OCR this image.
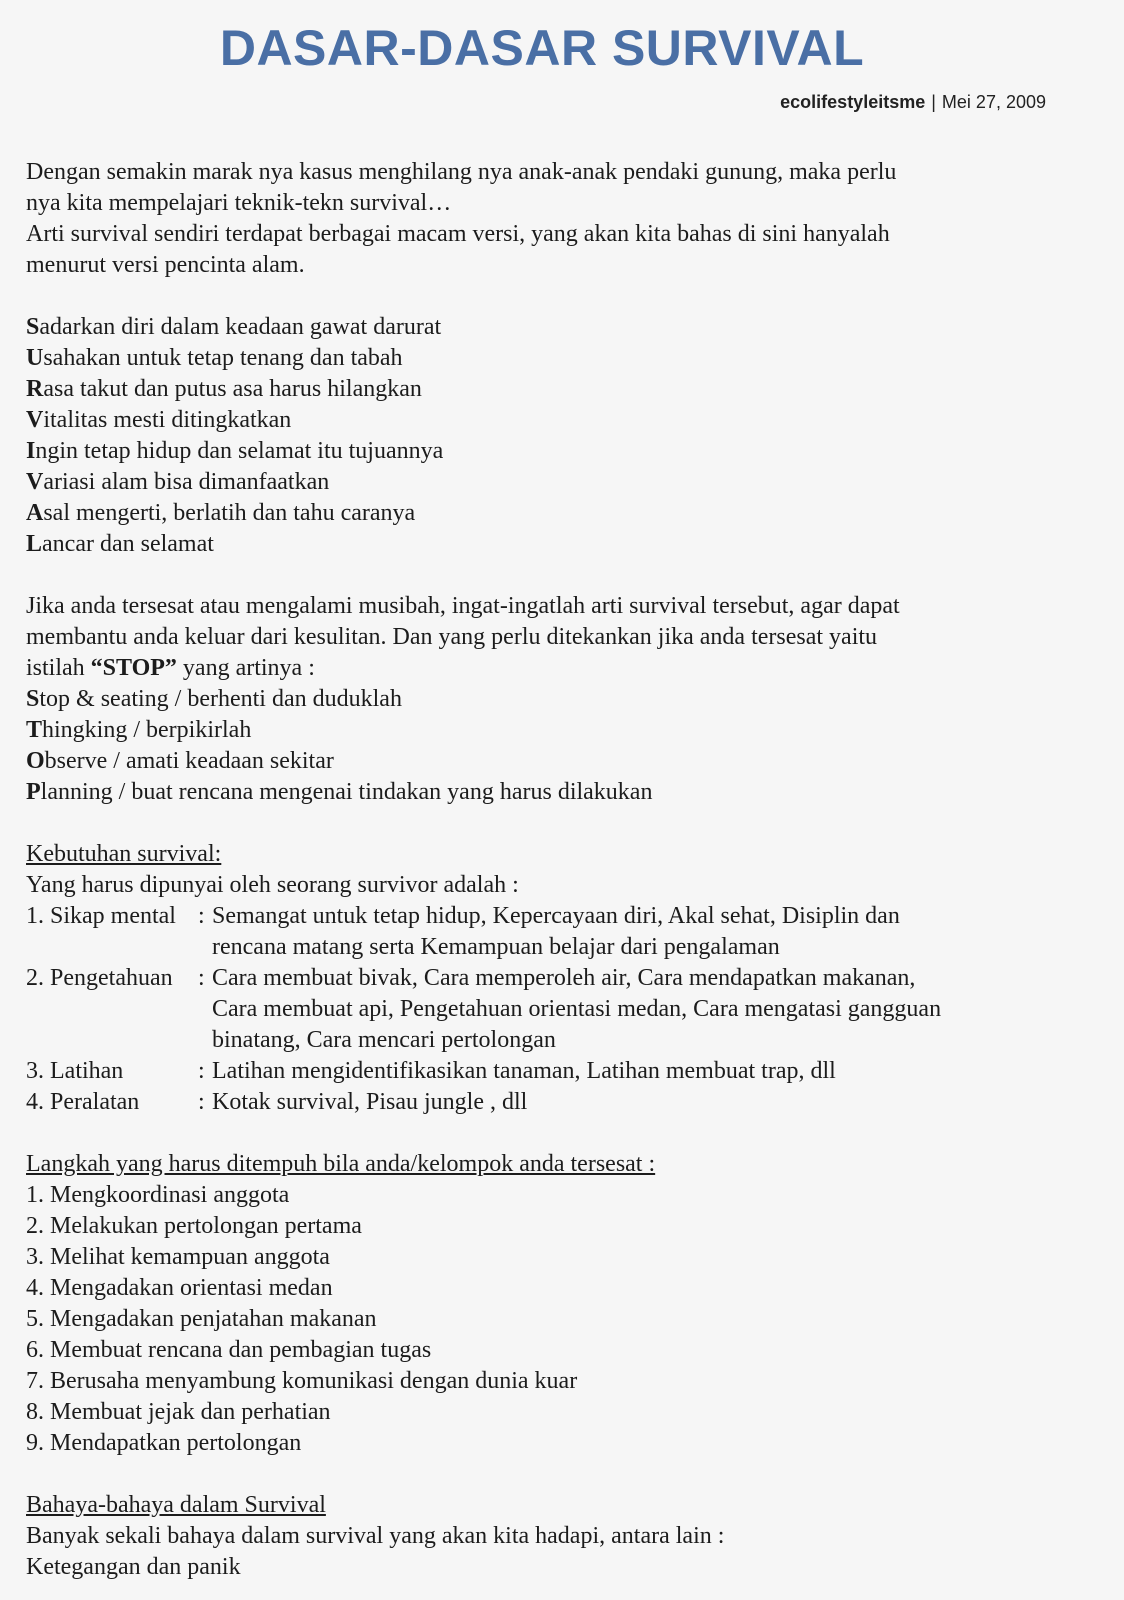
DASAR-DASAR SURVIVAL
ecolifestyleitsme | Mei 27, 2009

Dengan semakin marak nya kasus menghilang nya anak-anak pendaki gunung, maka perlu

nya kita mempelajari teknik-tekn survival…

Arti survival sendiri terdapat berbagai macam versi, yang akan kita bahas di sini hanyalah

menurut versi pencinta alam.

Sadarkan diri dalam keadaan gawat darurat

Usahakan untuk tetap tenang dan tabah

Rasa takut dan putus asa harus hilangkan

Vitalitas mesti ditingkatkan

Ingin tetap hidup dan selamat itu tujuannya

Variasi alam bisa dimanfaatkan

Asal mengerti, berlatih dan tahu caranya

Lancar dan selamat

Jika anda tersesat atau mengalami musibah, ingat-ingatlah arti survival tersebut, agar dapat

membantu anda keluar dari kesulitan. Dan yang perlu ditekankan jika anda tersesat yaitu

istilah “STOP” yang artinya :

Stop & seating / berhenti dan duduklah

Thingking / berpikirlah

Observe / amati keadaan sekitar

Planning / buat rencana mengenai tindakan yang harus dilakukan

Kebutuhan survival:

Yang harus dipunyai oleh seorang survivor adalah :

1. Sikap mental : Semangat untuk tetap hidup, Kepercayaan diri, Akal sehat, Disiplin dan
rencana matang serta Kemampuan belajar dari pengalaman
2. Pengetahuan	: Cara membuat bivak, Cara memperoleh air, Cara mendapatkan makanan,
Cara membuat api, Pengetahuan orientasi medan, Cara mengatasi gangguan
binatang, Cara mencari pertolongan
3. Latihan	: Latihan mengidentifikasikan tanaman, Latihan membuat trap, dll
4. Peralatan	: Kotak survival, Pisau jungle , dll

Langkah yang harus ditempuh bila anda/kelompok anda tersesat :

1. Mengkoordinasi anggota

2. Melakukan pertolongan pertama

3. Melihat kemampuan anggota

4. Mengadakan orientasi medan

5. Mengadakan penjatahan makanan

6. Membuat rencana dan pembagian tugas

7. Berusaha menyambung komunikasi dengan dunia kuar

8. Membuat jejak dan perhatian

9. Mendapatkan pertolongan

Bahaya-bahaya dalam Survival

Banyak sekali bahaya dalam survival yang akan kita hadapi, antara lain :

Ketegangan dan panik
